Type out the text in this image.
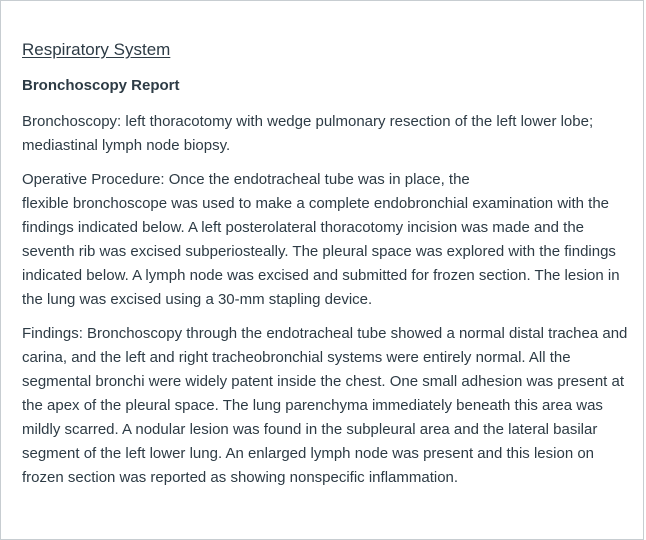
Respiratory System
Bronchoscopy Report

Bronchoscopy: left thoracotomy with wedge pulmonary resection of the left lower lobe; mediastinal lymph node biopsy.

Operative Procedure: Once the endotracheal tube was in place, the
flexible bronchoscope was used to make a complete endobronchial examination with the findings indicated below. A left posterolateral thoracotomy incision was made and the seventh rib was excised subperiosteally. The pleural space was explored with the findings indicated below. A lymph node was excised and submitted for frozen section. The lesion in the lung was excised using a 30-mm stapling device.

Findings: Bronchoscopy through the endotracheal tube showed a normal distal trachea and carina, and the left and right tracheobronchial systems were entirely normal. All the segmental bronchi were widely patent inside the chest. One small adhesion was present at the apex of the pleural space. The lung parenchyma immediately beneath this area was mildly scarred. A nodular lesion was found in the subpleural area and the lateral basilar segment of the left lower lung. An enlarged lymph node was present and this lesion on frozen section was reported as showing nonspecific inflammation.
